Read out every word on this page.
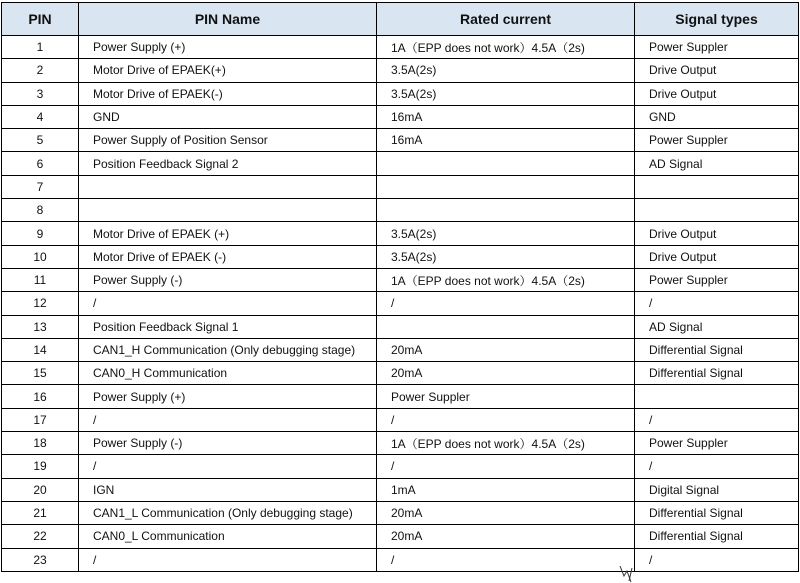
PIN	PIN Name	Rated current	Signal types
1	Power Supply (+)	1A（EPP does not work）4.5A（2s)	Power Suppler
2	Motor Drive of EPAEK(+)	3.5A(2s)	Drive Output
3	Motor Drive of EPAEK(-)	3.5A(2s)	Drive Output
4	GND	16mA	GND
5	Power Supply of Position Sensor	16mA	Power Suppler
6	Position Feedback Signal 2		AD Signal
7			
8			
9	Motor Drive of EPAEK (+)	3.5A(2s)	Drive Output
10	Motor Drive of EPAEK (-)	3.5A(2s)	Drive Output
11	Power Supply (-)	1A（EPP does not work）4.5A（2s)	Power Suppler
12	/	/	/
13	Position Feedback Signal 1		AD Signal
14	CAN1_H Communication (Only debugging stage)	20mA	Differential Signal
15	CAN0_H Communication	20mA	Differential Signal
16	Power Supply (+)	Power Suppler	
17	/	/	/
18	Power Supply (-)	1A（EPP does not work）4.5A（2s)	Power Suppler
19	/	/	/
20	IGN	1mA	Digital Signal
21	CAN1_L Communication (Only debugging stage)	20mA	Differential Signal
22	CAN0_L Communication	20mA	Differential Signal
23	/	/	/
